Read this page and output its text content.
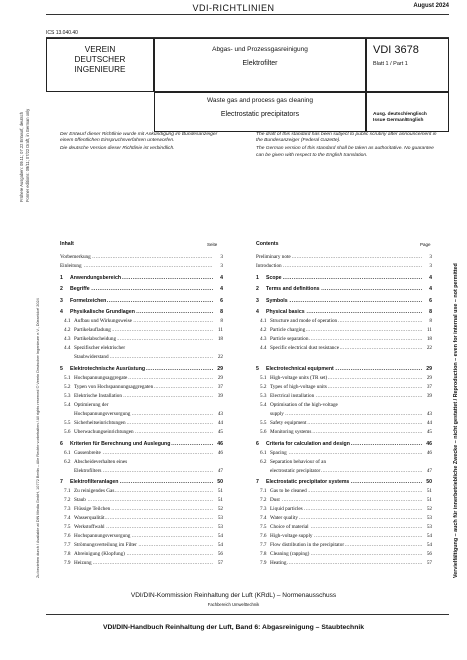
VDI-RICHTLINIEN	August 2024
ICS 13.040.40
VEREIN
DEUTSCHER
INGENIEURE
Abgas- und Prozessgasreinigung
Elektrofilter
VDI 3678
Blatt 1 / Part 1
Waste gas and process gas cleaning
Electrostatic precipitators	Ausg. deutsch/englisch
Issue German/English
Der Entwurf dieser Richtlinie wurde mit Ankündigung im Bundesanzeiger einem öffentlichen Einspruchsverfahren unterworfen.
Die deutsche Version dieser Richtlinie ist verbindlich.
The draft of this standard has been subject to public scrutiny after announcement in the Bundesanzeiger (Federal Gazette).
The German version of this standard shall be taken as authoritative. No guarantee can be given with respect to the English translation.
Frühere Ausgaben: 09.11; 07.22 Entwurf, deutsch Former editions: 09/11; 07/22 Draft, in German only
Zu beziehen durch / Available at DIN Media GmbH, 10772 Berlin – Alle Rechte vorbehalten / All rights reserved © Verein Deutscher Ingenieure e.V., Düsseldorf 2024	Vervielfältigung – auch für innerbetriebliche Zwecke – nicht gestattet / Reproduction – even for internal use – not permitted
Inhalt	Seite	Contents	Page
Vorbemerkung .....	3
Einleitung .....	3
1 Anwendungsbereich .....	4
2 Begriffe .....	4
3 Formelzeichen .....	6
4 Physikalische Grundlagen .....	8
4.1 Aufbau und Wirkungsweise .....	8
4.2 Partikelaufladung .....	11
4.3 Partikelabscheidung .....	18
4.4 Spezifischer elektrischer
Staubwiderstand .....	22
5 Elektrotechnische Ausrüstung .....	29
5.1 Hochspannungsaggregate .....	29
5.2 Typen von Hochspannungsaggregaten .....	37
5.3 Elektrische Installation .....	39
5.4 Optimierung der
Hochspannungsversorgung .....	43
5.5 Sicherheitseinrichtungen .....	44
5.6 Überwachungseinrichtungen .....	45
6 Kriterien für Berechnung und Auslegung .....	46
6.1 Gassenbreite .....	46
6.2 Abscheideverhalten eines
Elektrofilters .....	47
7 Elektrofilteranlagen .....	50
7.1 Zu reinigendes Gas .....	51
7.2 Staub .....	51
7.3 Flüssige Teilchen .....	52
7.4 Wasserqualität .....	53
7.5 Werkstoffwahl .....	53
7.6 Hochspannungsversorgung .....	54
7.7 Strömungsverteilung im Filter .....	54
7.8 Abreinigung (Klopfung) .....	56
7.9 Heizung .....	57
Preliminary note .....	3
Introduction .....	3
1 Scope .....	4
2 Terms and definitions .....	4
3 Symbols .....	6
4 Physical basics .....	8
4.1 Structure and mode of operation .....	8
4.2 Particle charging .....	11
4.3 Particle separation .....	18
4.4 Specific electrical dust resistance .....	22
5 Electrotechnical equipment .....	29
5.1 High-voltage units (TR set) .....	29
5.2 Types of high-voltage units .....	37
5.3 Electrical installation .....	39
5.4 Optimisation of the high-voltage
supply .....	43
5.5 Safety equipment .....	44
5.6 Monitoring systems .....	45
6 Criteria for calculation and design .....	46
6.1 Spacing .....	46
6.2 Separation behaviour of an
electrostatic precipitator .....	47
7 Electrostatic precipitator systems .....	50
7.1 Gas to be cleaned .....	51
7.2 Dust .....	51
7.3 Liquid particles .....	52
7.4 Water quality .....	53
7.5 Choice of material .....	53
7.6 High-voltage supply .....	54
7.7 Flow distribution in the precipitator .....	54
7.8 Cleaning (rapping) .....	56
7.9 Heating .....	57
VDI/DIN-Kommission Reinhaltung der Luft (KRdL) – Normenausschuss
Fachbereich Umwelttechnik
VDI/DIN-Handbuch Reinhaltung der Luft, Band 6: Abgasreinigung – Staubtechnik
